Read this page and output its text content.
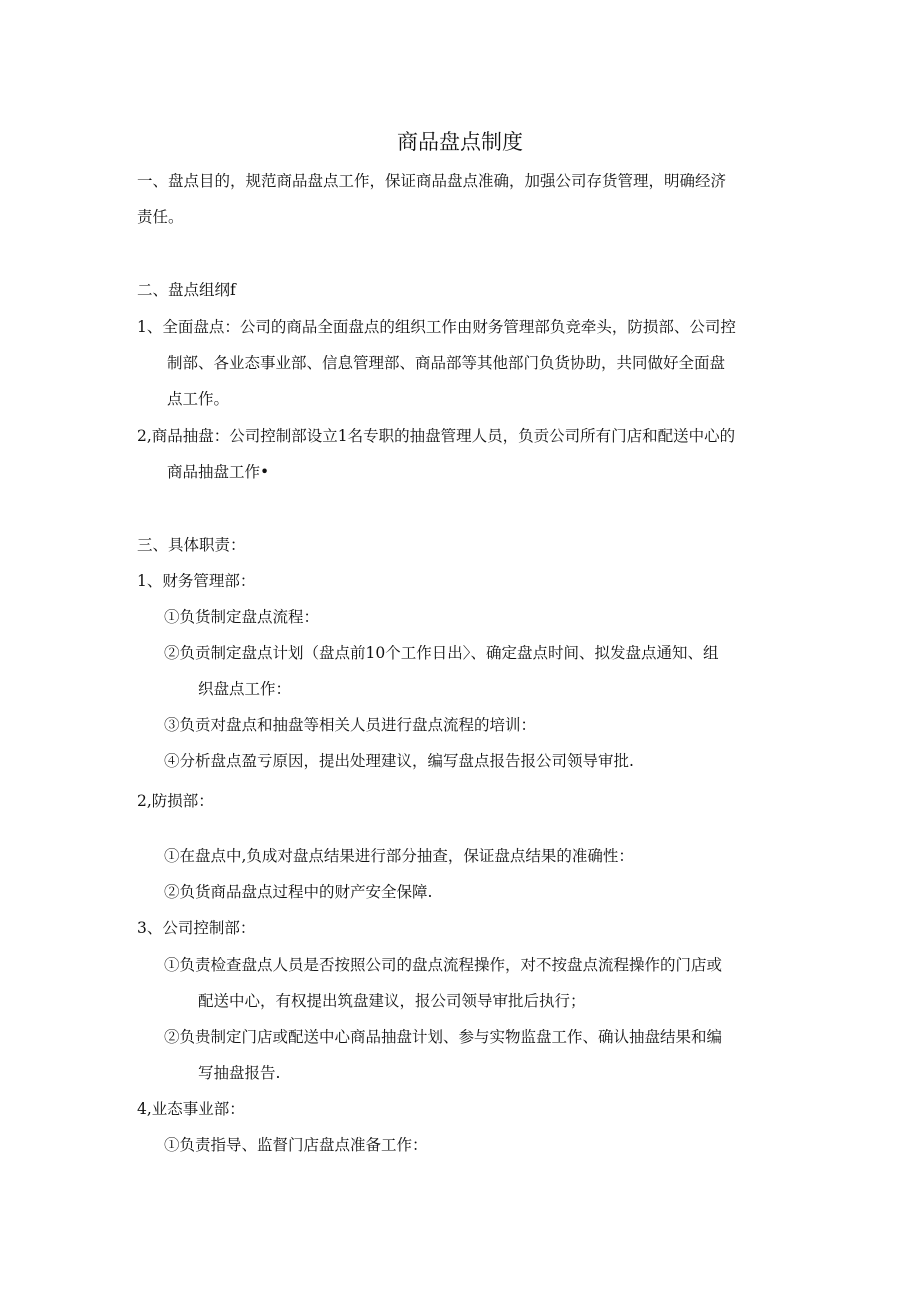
商品盘点制度
一、盘点目的，规范商品盘点工作，保证商品盘点准确，加强公司存货管理，明确经济
责任。
二、盘点组纲f
1、全面盘点：公司的商品全面盘点的组织工作由财务管理部负竞牵头，防损部、公司控
制部、各业态事业部、信息管理部、商品部等其他部门负货协助，共同做好全面盘
点工作。
2,商品抽盘：公司控制部设立1名专职的抽盘管理人员，负贡公司所有门店和配送中心的
商品抽盘工作•
三、具体职责：
1、财务管理部：
①负货制定盘点流程：
②负贡制定盘点计划（盘点前10个工作日出〉、确定盘点时间、拟发盘点通知、组
织盘点工作：
③负贡对盘点和抽盘等相关人员进行盘点流程的培训：
④分析盘点盈亏原因，提出处理建议，编写盘点报告报公司领导审批.
2,防损部：
①在盘点中,负成对盘点结果进行部分抽查，保证盘点结果的准确性：
②负货商品盘点过程中的财产安全保障.
3、公司控制部：
①负责检查盘点人员是否按照公司的盘点流程操作，对不按盘点流程操作的门店或
配送中心，有权提出筑盘建议，报公司领导审批后执行；
②负贵制定门店或配送中心商品抽盘计划、参与实物监盘工作、确认抽盘结果和编
写抽盘报告.
4,业态事业部：
①负责指导、监督门店盘点准备工作：
